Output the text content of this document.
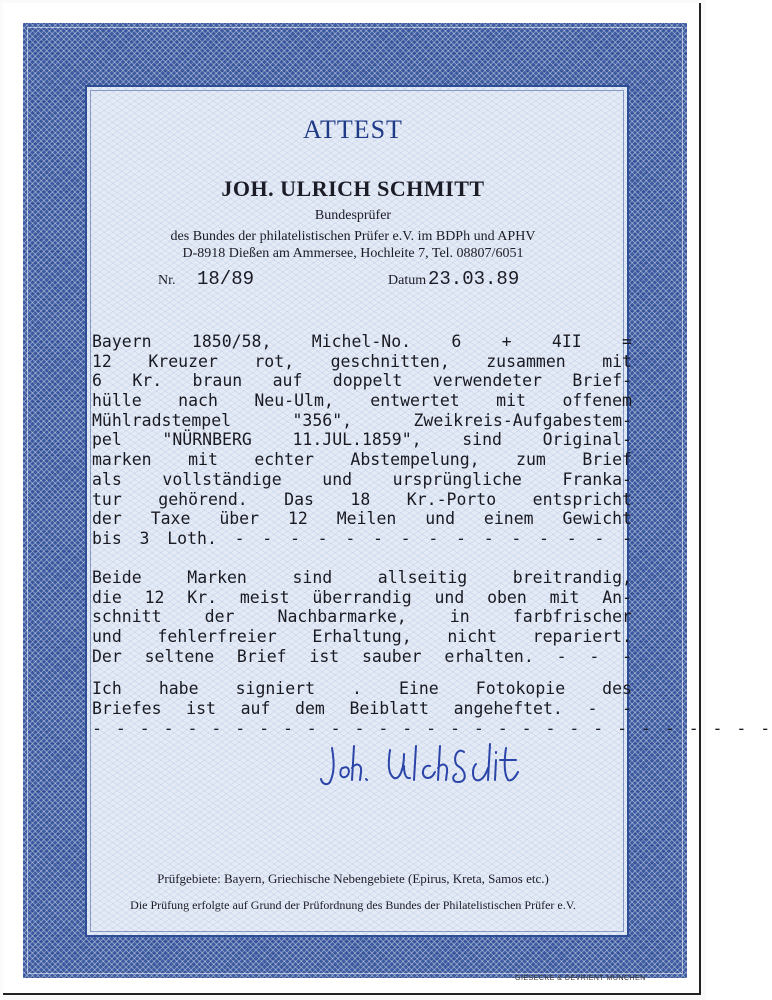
ATTEST
JOH. ULRICH SCHMITT
Bundesprüfer
des Bundes der philatelistischen Prüfer e.V. im BDPh und APHV
D-8918 Dießen am Ammersee, Hochleite 7, Tel. 08807/6051
Nr. 18/89	Datum 23.03.89
Bayern 1850/58, Michel-No. 6 + 4II =
12 Kreuzer rot, geschnitten, zusammen mit
6 Kr. braun auf doppelt verwendeter Brief-
hülle nach Neu-Ulm, entwertet mit offenem
Mühlradstempel "356", Zweikreis-Aufgabestem-
pel "NÜRNBERG 11.JUL.1859", sind Original-
marken mit echter Abstempelung, zum Brief
als vollständige und ursprüngliche Franka-
tur gehörend. Das 18 Kr.-Porto entspricht
der Taxe über 12 Meilen und einem Gewicht
bis 3 Loth. - - - - - - - - - - - - - - -
Beide Marken sind allseitig breitrandig,
die 12 Kr. meist überrandig und oben mit An-
schnitt der Nachbarmarke, in farbfrischer
und fehlerfreier Erhaltung, nicht repariert.
Der seltene Brief ist sauber erhalten. - - -
Ich habe signiert . Eine Fotokopie des
Briefes ist auf dem Beiblatt angeheftet. - -
- - - - - - - - - - - - - - - - - - - - - - - - - - - - -
Prüfgebiete: Bayern, Griechische Nebengebiete (Epirus, Kreta, Samos etc.)
Die Prüfung erfolgte auf Grund der Prüfordnung des Bundes der Philatelistischen Prüfer e.V.
GIESECKE & DEVRIENT MÜNCHEN
